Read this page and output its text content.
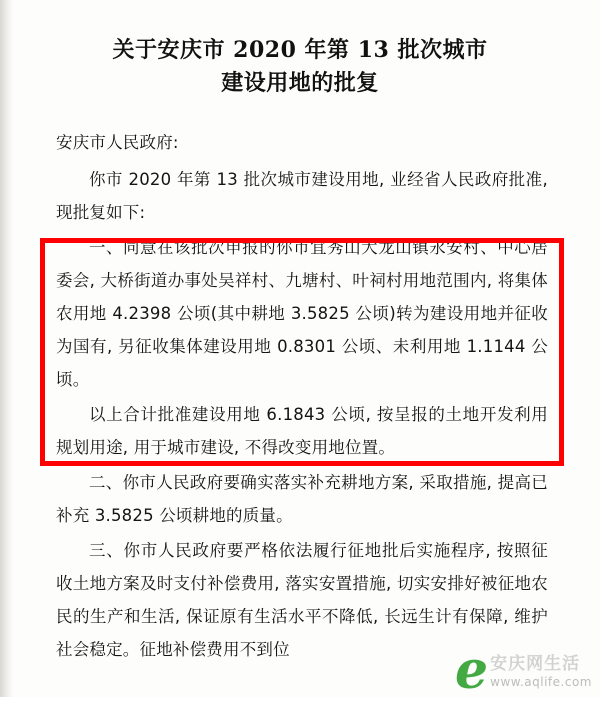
关于安庆市 2020 年第 13 批次城市
建设用地的批复

安庆市人民政府:

你市 2020 年第 13 批次城市建设用地, 业经省人民政府批准, 现批复如下:

一、同意在该批次申报的你市宜秀山大龙山镇永安村、中心居委会, 大桥街道办事处吴祥村、九塘村、叶祠村用地范围内, 将集体农用地 4.2398 公顷(其中耕地 3.5825 公顷)转为建设用地并征收为国有, 另征收集体建设用地 0.8301 公顷、未利用地 1.1144 公顷。

以上合计批准建设用地 6.1843 公顷, 按呈报的土地开发利用规划用途, 用于城市建设, 不得改变用地位置。

二、你市人民政府要确实落实补充耕地方案, 采取措施, 提高已补充 3.5825 公顷耕地的质量。

三、你市人民政府要严格依法履行征地批后实施程序, 按照征收土地方案及时支付补偿费用, 落实安置措施, 切实安排好被征地农民的生产和生活, 保证原有生活水平不降低, 长远生计有保障, 维护社会稳定。征地补偿费用不到位	e 安庆网生活
www.aqlife.com
